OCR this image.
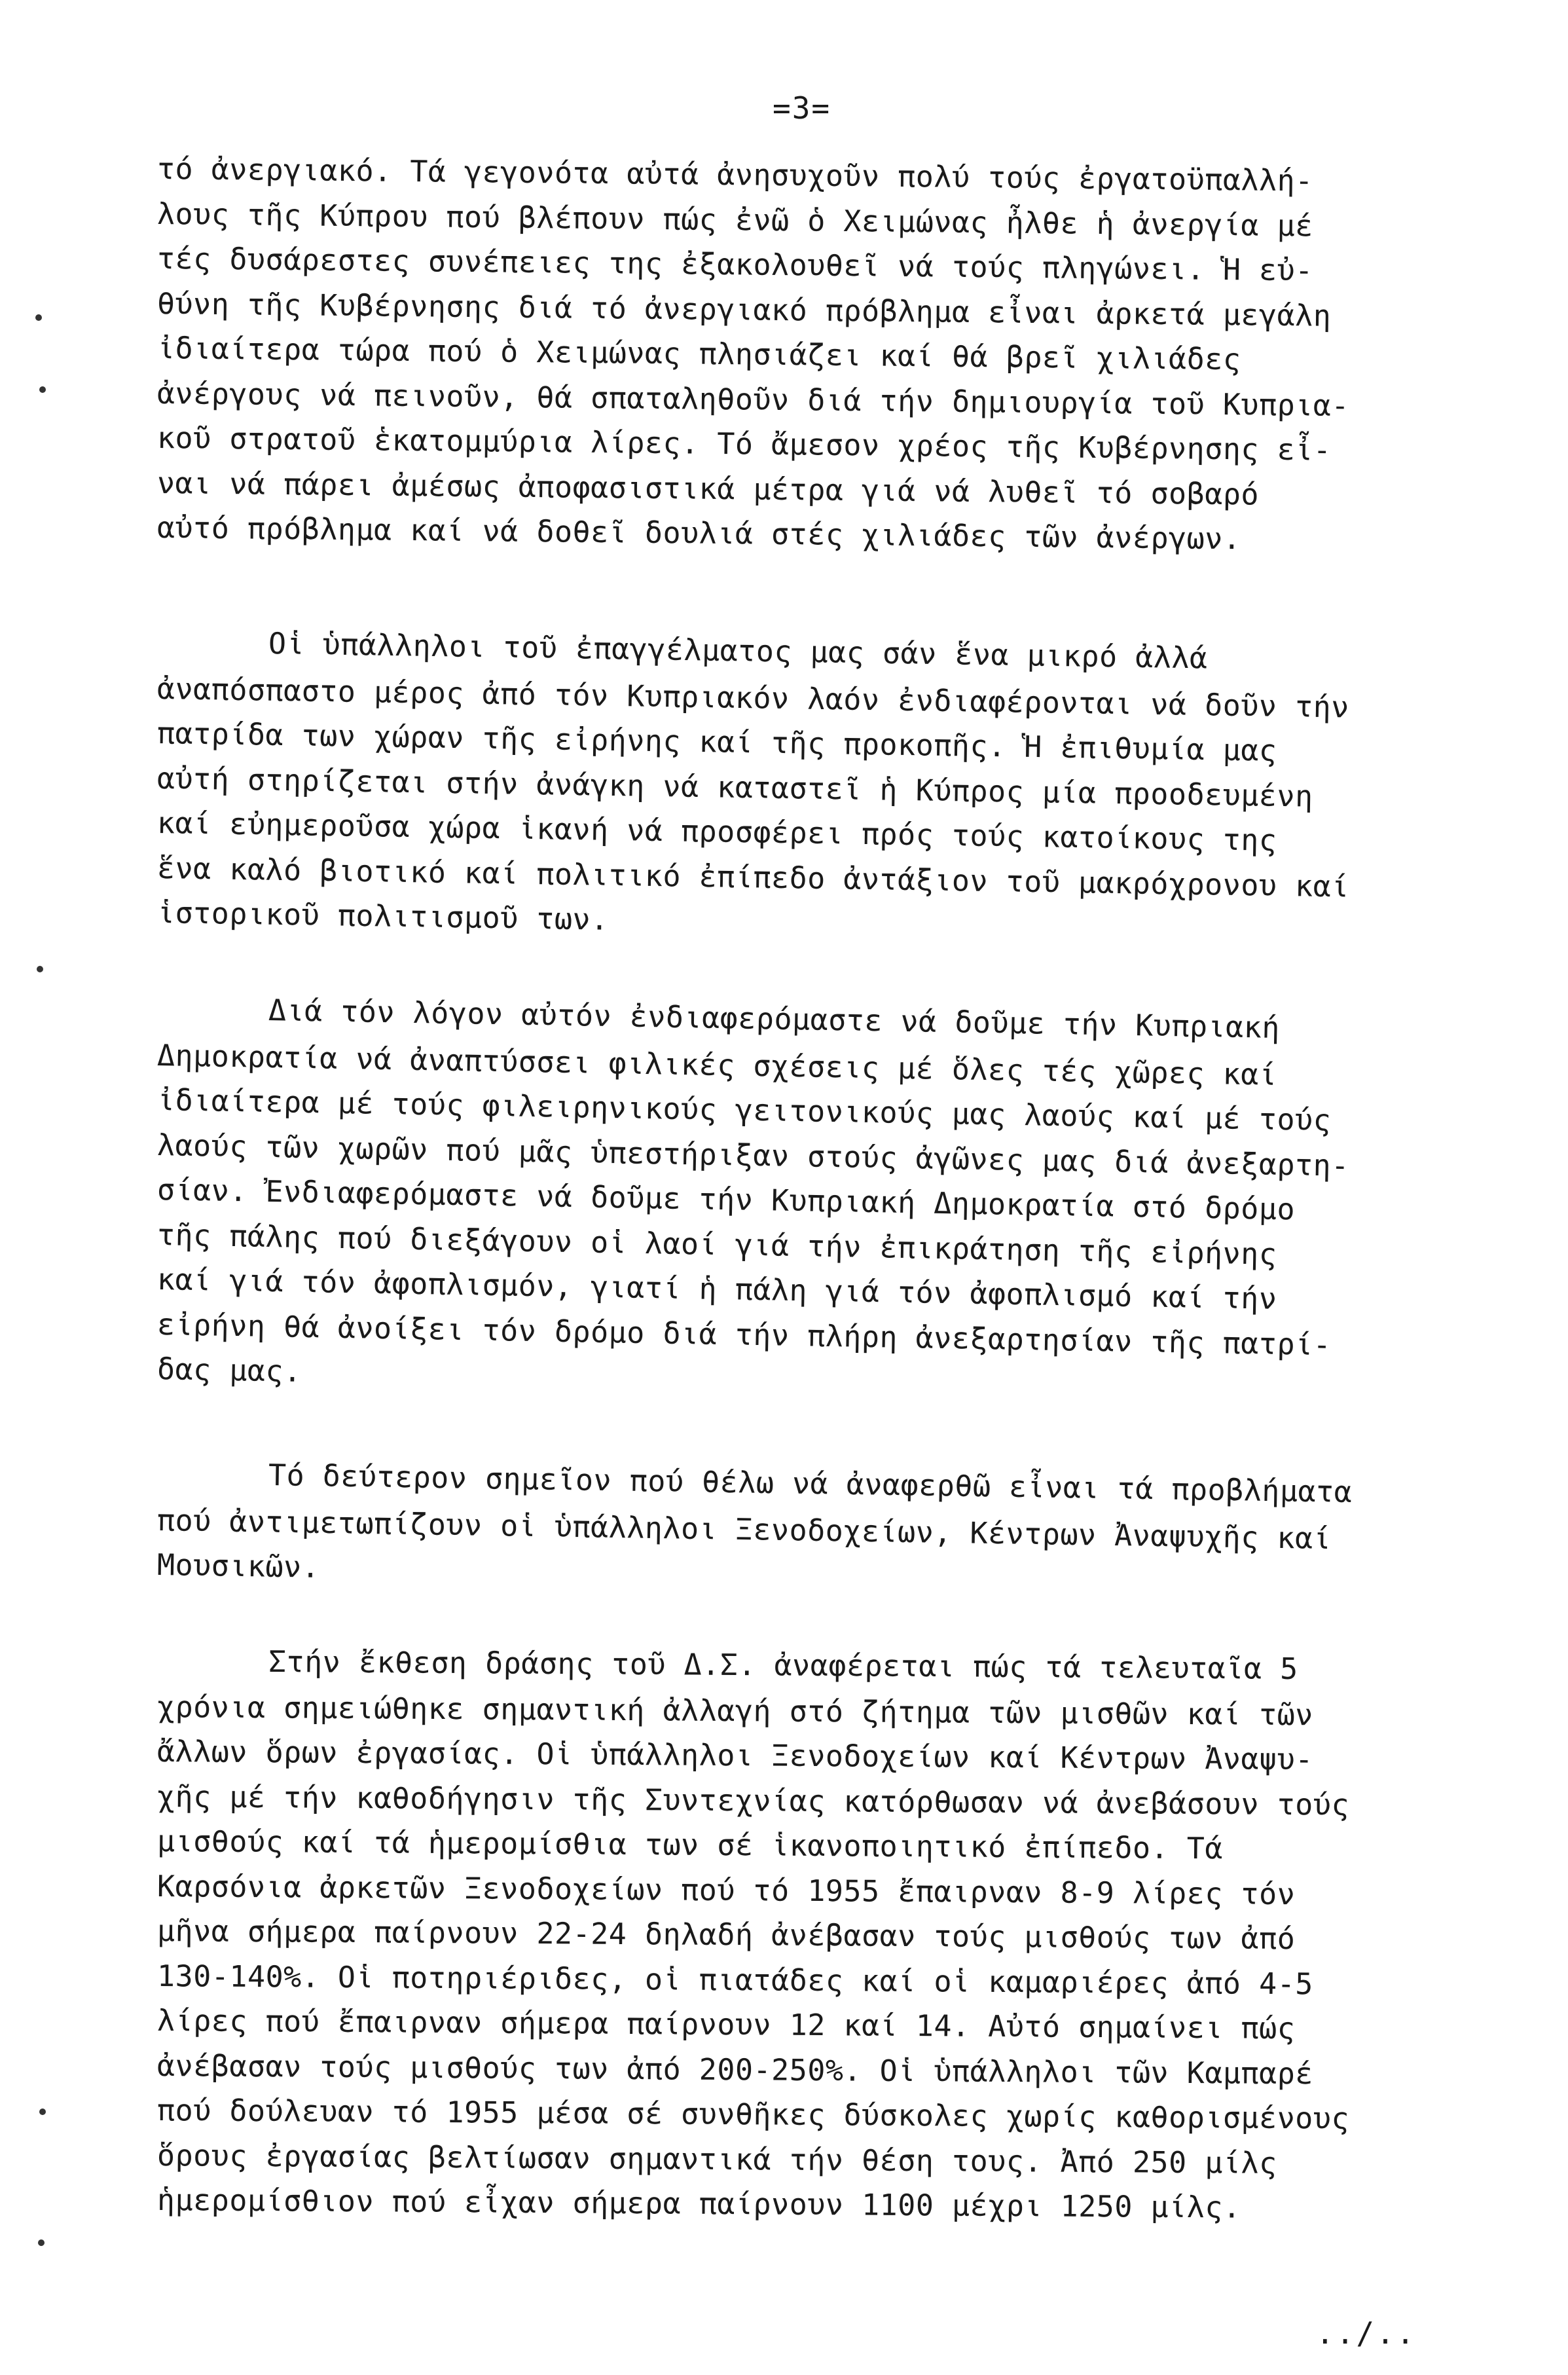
=3=
τό ἀνεργιακό. Τά γεγονότα αὐτά ἀνησυχοῦν πολύ τούς ἐργατοϋπαλλή-
λους τῆς Κύπρου πού βλέπουν πώς ἐνῶ ὁ Χειμώνας ἦλθε ἡ ἀνεργία μέ
τές δυσάρεστες συνέπειες της ἐξακολουθεῖ νά τούς πληγώνει. Ἡ εὐ-
θύνη τῆς Κυβέρνησης διά τό ἀνεργιακό πρόβλημα εἶναι ἀρκετά μεγάλη
ἰδιαίτερα τώρα πού ὁ Χειμώνας πλησιάζει καί θά βρεῖ χιλιάδες
ἀνέργους νά πεινοῦν, θά σπαταληθοῦν διά τήν δημιουργία τοῦ Κυπρια-
κοῦ στρατοῦ ἑκατομμύρια λίρες. Τό ἄμεσον χρέος τῆς Κυβέρνησης εἶ-
ναι νά πάρει ἀμέσως ἀποφασιστικά μέτρα γιά νά λυθεῖ τό σοβαρό
αὐτό πρόβλημα καί νά δοθεῖ δουλιά στές χιλιάδες τῶν ἀνέργων.
Οἱ ὑπάλληλοι τοῦ ἐπαγγέλματος μας σάν ἕνα μικρό ἀλλά
ἀναπόσπαστο μέρος ἀπό τόν Κυπριακόν λαόν ἐνδιαφέρονται νά δοῦν τήν
πατρίδα των χώραν τῆς εἰρήνης καί τῆς προκοπῆς. Ἡ ἐπιθυμία μας
αὐτή στηρίζεται στήν ἀνάγκη νά καταστεῖ ἡ Κύπρος μία προοδευμένη
καί εὐημεροῦσα χώρα ἱκανή νά προσφέρει πρός τούς κατοίκους της
ἕνα καλό βιοτικό καί πολιτικό ἐπίπεδο ἀντάξιον τοῦ μακρόχρονου καί
ἱστορικοῦ πολιτισμοῦ των.
Διά τόν λόγον αὐτόν ἐνδιαφερόμαστε νά δοῦμε τήν Κυπριακή
Δημοκρατία νά ἀναπτύσσει φιλικές σχέσεις μέ ὅλες τές χῶρες καί
ἰδιαίτερα μέ τούς φιλειρηνικούς γειτονικούς μας λαούς καί μέ τούς
λαούς τῶν χωρῶν πού μᾶς ὑπεστήριξαν στούς ἀγῶνες μας διά ἀνεξαρτη-
σίαν. Ἐνδιαφερόμαστε νά δοῦμε τήν Κυπριακή Δημοκρατία στό δρόμο
τῆς πάλης πού διεξάγουν οἱ λαοί γιά τήν ἐπικράτηση τῆς εἰρήνης
καί γιά τόν ἀφοπλισμόν, γιατί ἡ πάλη γιά τόν ἀφοπλισμό καί τήν
εἰρήνη θά ἀνοίξει τόν δρόμο διά τήν πλήρη ἀνεξαρτησίαν τῆς πατρί-
δας μας.
Τό δεύτερον σημεῖον πού θέλω νά ἀναφερθῶ εἶναι τά προβλήματα
πού ἀντιμετωπίζουν οἱ ὑπάλληλοι Ξενοδοχείων, Κέντρων Ἀναψυχῆς καί
Μουσικῶν.
Στήν ἔκθεση δράσης τοῦ Δ.Σ. ἀναφέρεται πώς τά τελευταῖα 5
χρόνια σημειώθηκε σημαντική ἀλλαγή στό ζήτημα τῶν μισθῶν καί τῶν
ἄλλων ὅρων ἐργασίας. Οἱ ὑπάλληλοι Ξενοδοχείων καί Κέντρων Ἀναψυ-
χῆς μέ τήν καθοδήγησιν τῆς Συντεχνίας κατόρθωσαν νά ἀνεβάσουν τούς
μισθούς καί τά ἡμερομίσθια των σέ ἱκανοποιητικό ἐπίπεδο. Τά
Καρσόνια ἀρκετῶν Ξενοδοχείων πού τό 1955 ἔπαιρναν 8-9 λίρες τόν
μῆνα σήμερα παίρνουν 22-24 δηλαδή ἀνέβασαν τούς μισθούς των ἀπό
130-140%. Οἱ ποτηριέριδες, οἱ πιατάδες καί οἱ καμαριέρες ἀπό 4-5
λίρες πού ἔπαιρναν σήμερα παίρνουν 12 καί 14. Αὐτό σημαίνει πώς
ἀνέβασαν τούς μισθούς των ἀπό 200-250%. Οἱ ὑπάλληλοι τῶν Καμπαρέ
πού δούλευαν τό 1955 μέσα σέ συνθῆκες δύσκολες χωρίς καθορισμένους
ὅρους ἐργασίας βελτίωσαν σημαντικά τήν θέση τους. Ἀπό 250 μίλς
ἡμερομίσθιον πού εἶχαν σήμερα παίρνουν 1100 μέχρι 1250 μίλς.
../..
